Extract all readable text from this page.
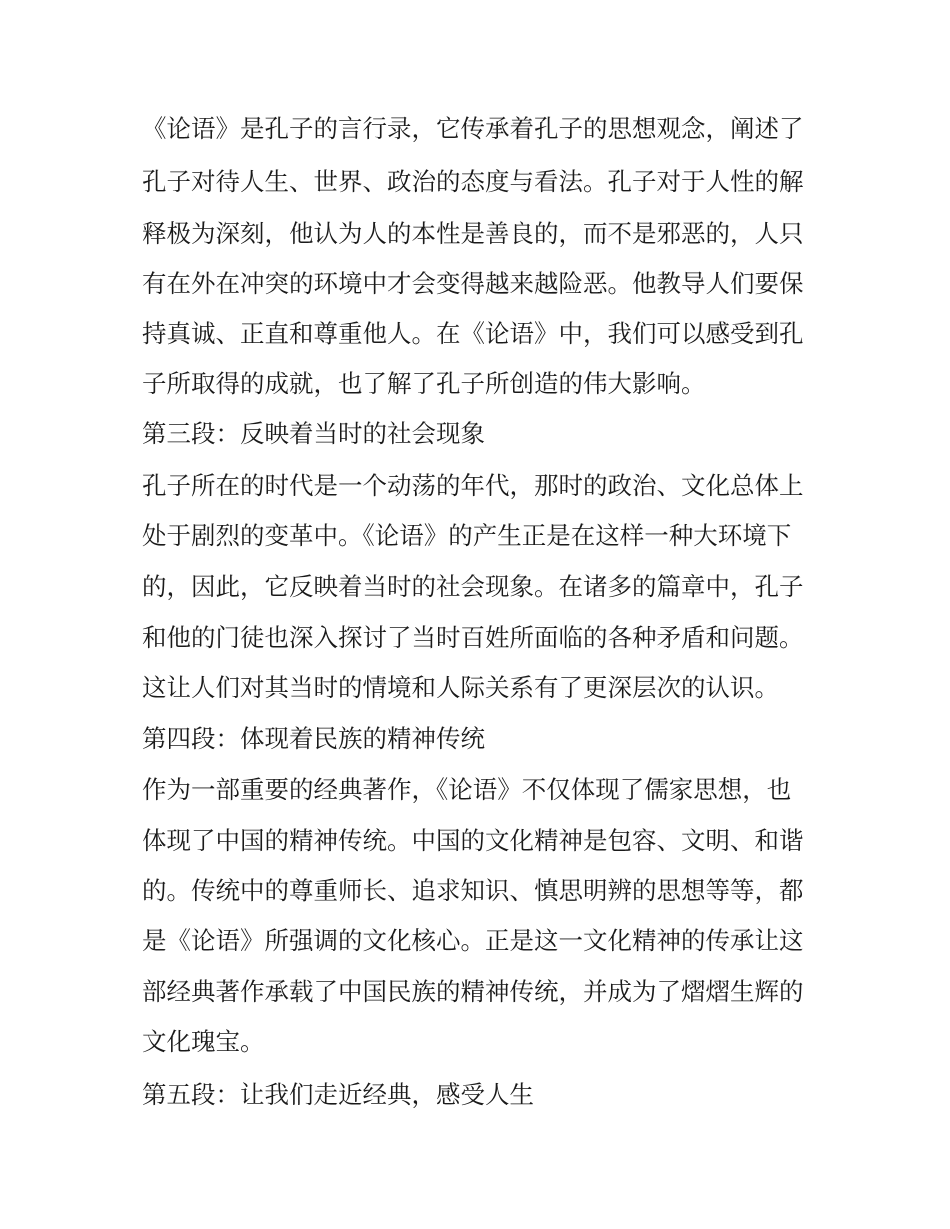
《论语》是孔子的言行录，它传承着孔子的思想观念，阐述了
孔子对待人生、世界、政治的态度与看法。孔子对于人性的解
释极为深刻，他认为人的本性是善良的，而不是邪恶的，人只
有在外在冲突的环境中才会变得越来越险恶。他教导人们要保
持真诚、正直和尊重他人。在《论语》中，我们可以感受到孔
子所取得的成就，也了解了孔子所创造的伟大影响。
第三段：反映着当时的社会现象
孔子所在的时代是一个动荡的年代，那时的政治、文化总体上
处于剧烈的变革中。《论语》的产生正是在这样一种大环境下
的，因此，它反映着当时的社会现象。在诸多的篇章中，孔子
和他的门徒也深入探讨了当时百姓所面临的各种矛盾和问题。
这让人们对其当时的情境和人际关系有了更深层次的认识。
第四段：体现着民族的精神传统
作为一部重要的经典著作，《论语》不仅体现了儒家思想，也
体现了中国的精神传统。中国的文化精神是包容、文明、和谐
的。传统中的尊重师长、追求知识、慎思明辨的思想等等，都
是《论语》所强调的文化核心。正是这一文化精神的传承让这
部经典著作承载了中国民族的精神传统，并成为了熠熠生辉的
文化瑰宝。
第五段：让我们走近经典，感受人生
